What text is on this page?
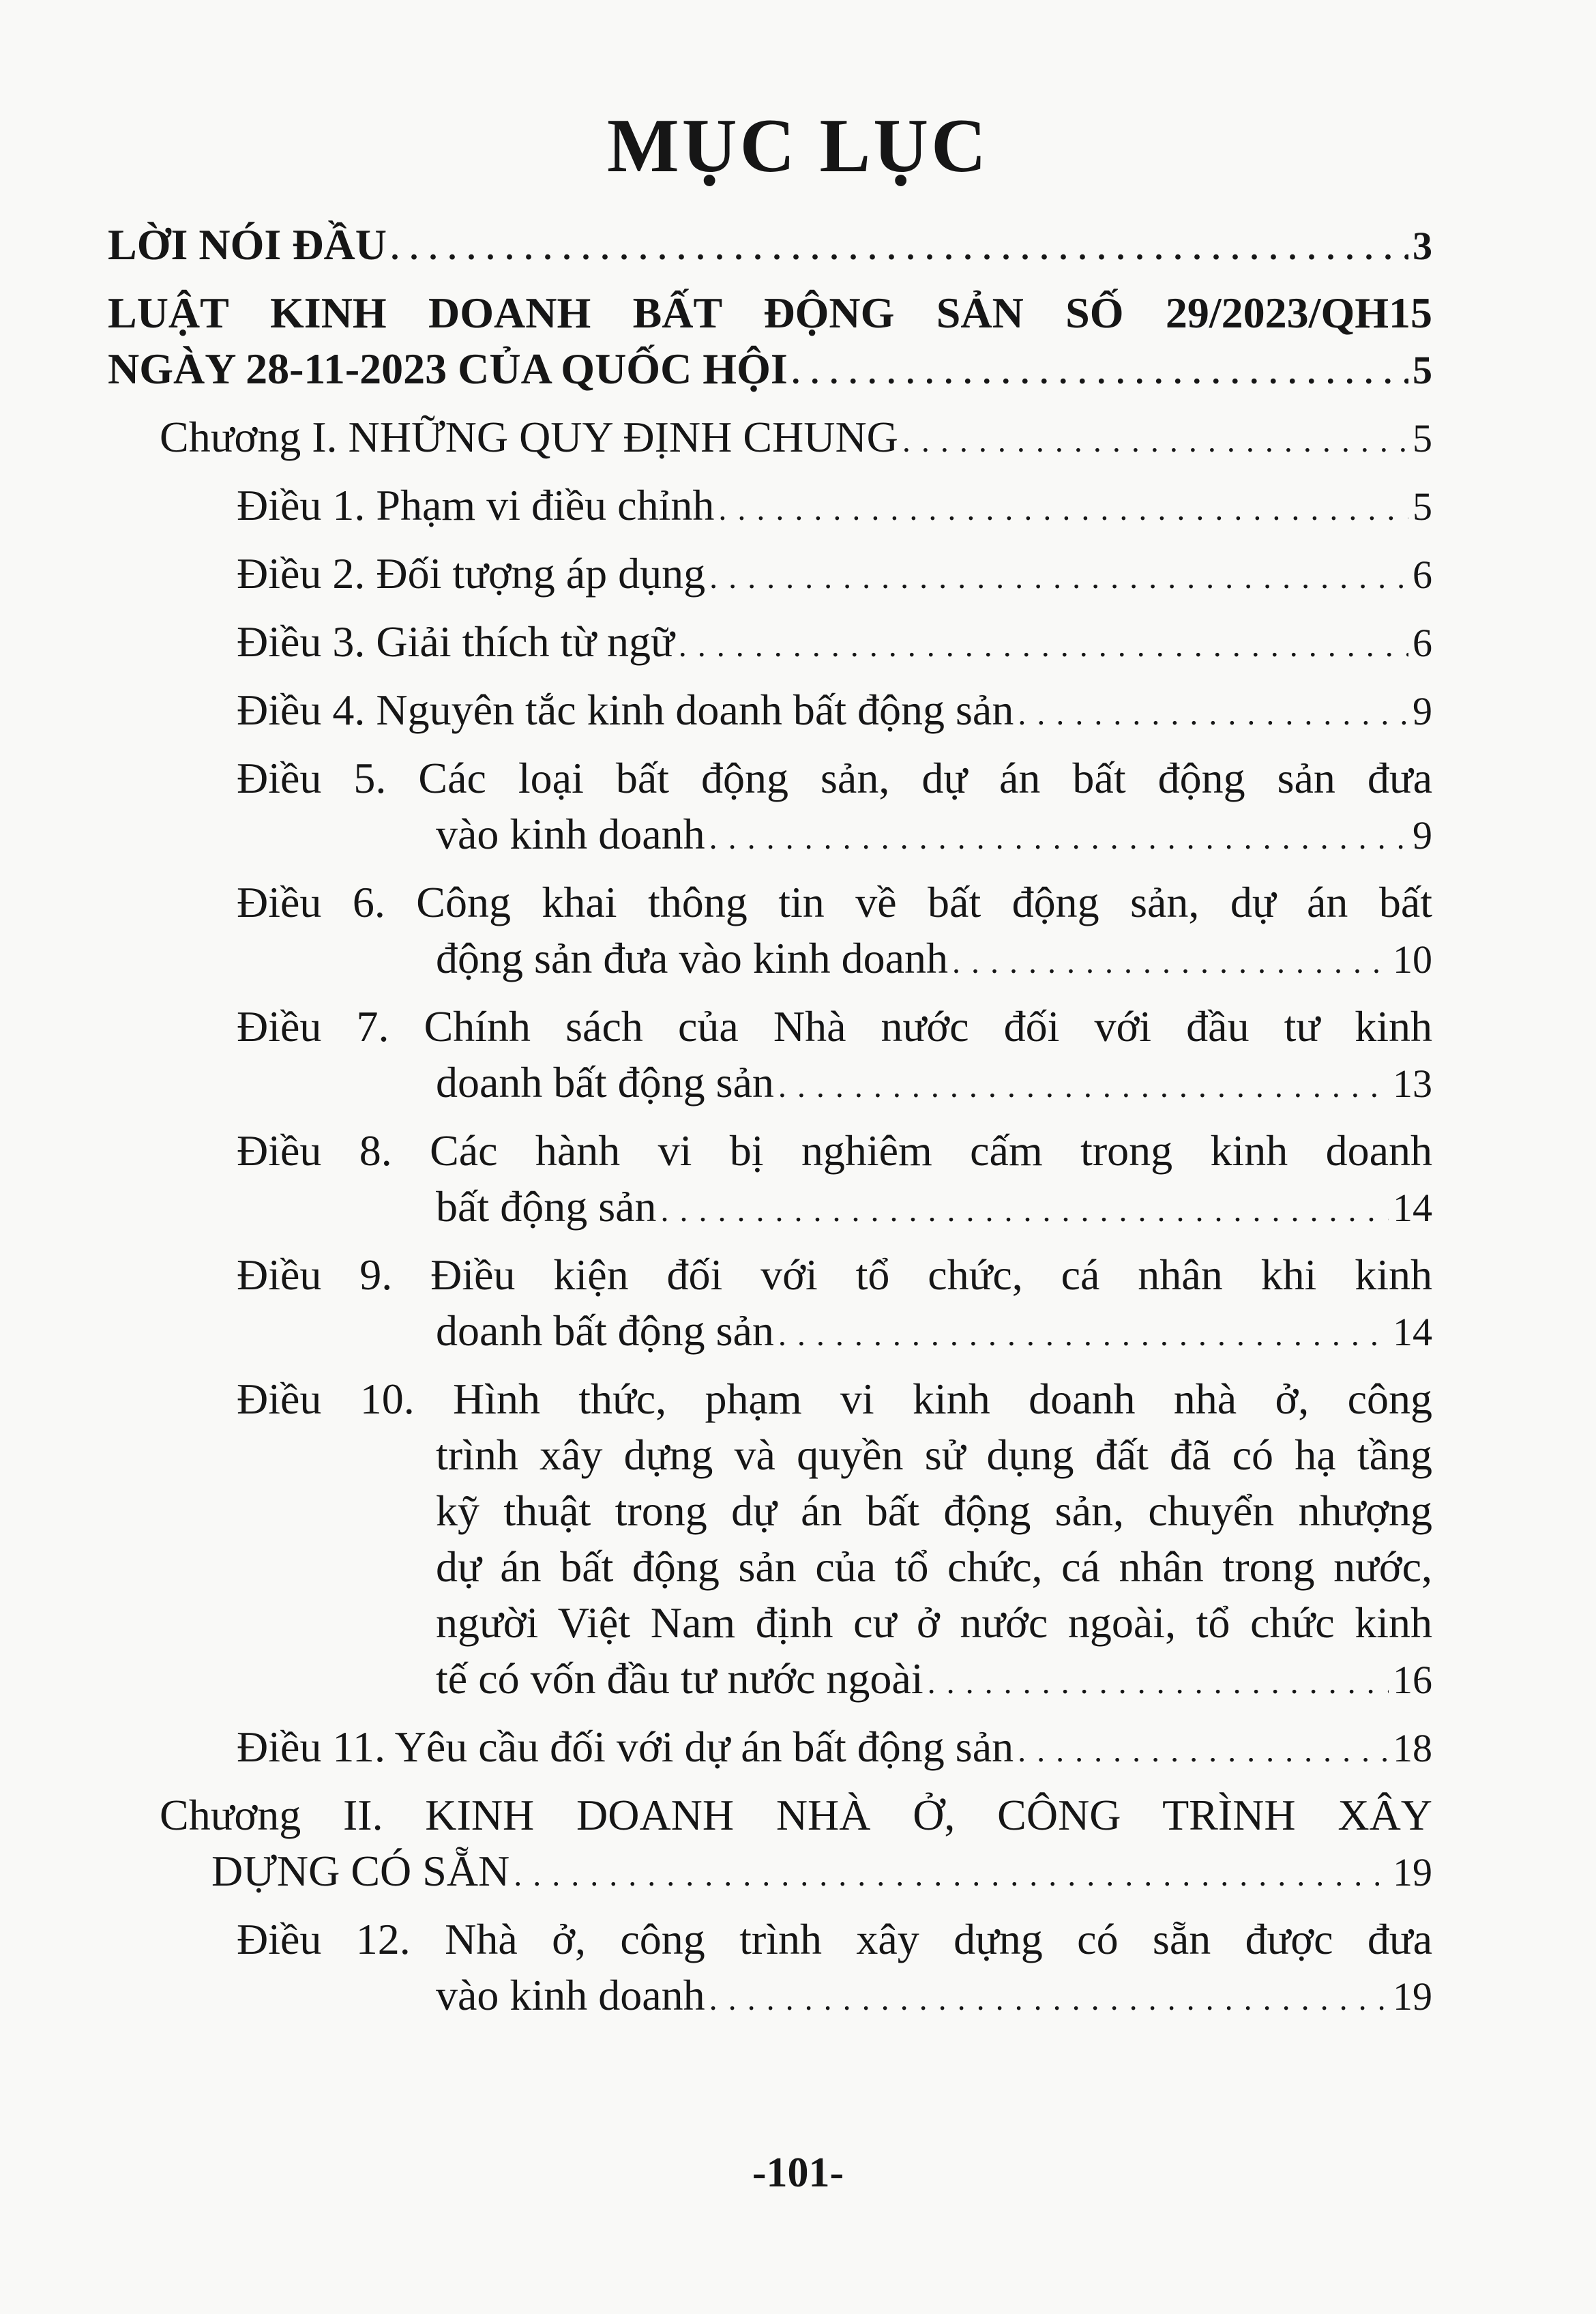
MỤC LỤC
LỜI NÓI ĐẦU . . .	3
LUẬT KINH DOANH BẤT ĐỘNG SẢN SỐ 29/2023/QH15
NGÀY 28-11-2023 CỦA QUỐC HỘI . . .	5
Chương I. NHỮNG QUY ĐỊNH CHUNG . . .	5
Điều 1. Phạm vi điều chỉnh . . .	5
Điều 2. Đối tượng áp dụng . . .	6
Điều 3. Giải thích từ ngữ . . .	6
Điều 4. Nguyên tắc kinh doanh bất động sản . . .	9
Điều 5. Các loại bất động sản, dự án bất động sản đưa
vào kinh doanh . . .	9
Điều 6. Công khai thông tin về bất động sản, dự án bất
động sản đưa vào kinh doanh . . .	10
Điều 7. Chính sách của Nhà nước đối với đầu tư kinh
doanh bất động sản . . .	13
Điều 8. Các hành vi bị nghiêm cấm trong kinh doanh
bất động sản . . .	14
Điều 9. Điều kiện đối với tổ chức, cá nhân khi kinh
doanh bất động sản . . .	14
Điều 10. Hình thức, phạm vi kinh doanh nhà ở, công
trình xây dựng và quyền sử dụng đất đã có hạ tầng
kỹ thuật trong dự án bất động sản, chuyển nhượng
dự án bất động sản của tổ chức, cá nhân trong nước,
người Việt Nam định cư ở nước ngoài, tổ chức kinh
tế có vốn đầu tư nước ngoài . . .	16
Điều 11. Yêu cầu đối với dự án bất động sản . . .	18
Chương II. KINH DOANH NHÀ Ở, CÔNG TRÌNH XÂY
DỰNG CÓ SẴN . . .	19
Điều 12. Nhà ở, công trình xây dựng có sẵn được đưa
vào kinh doanh . . .	19
-101-
